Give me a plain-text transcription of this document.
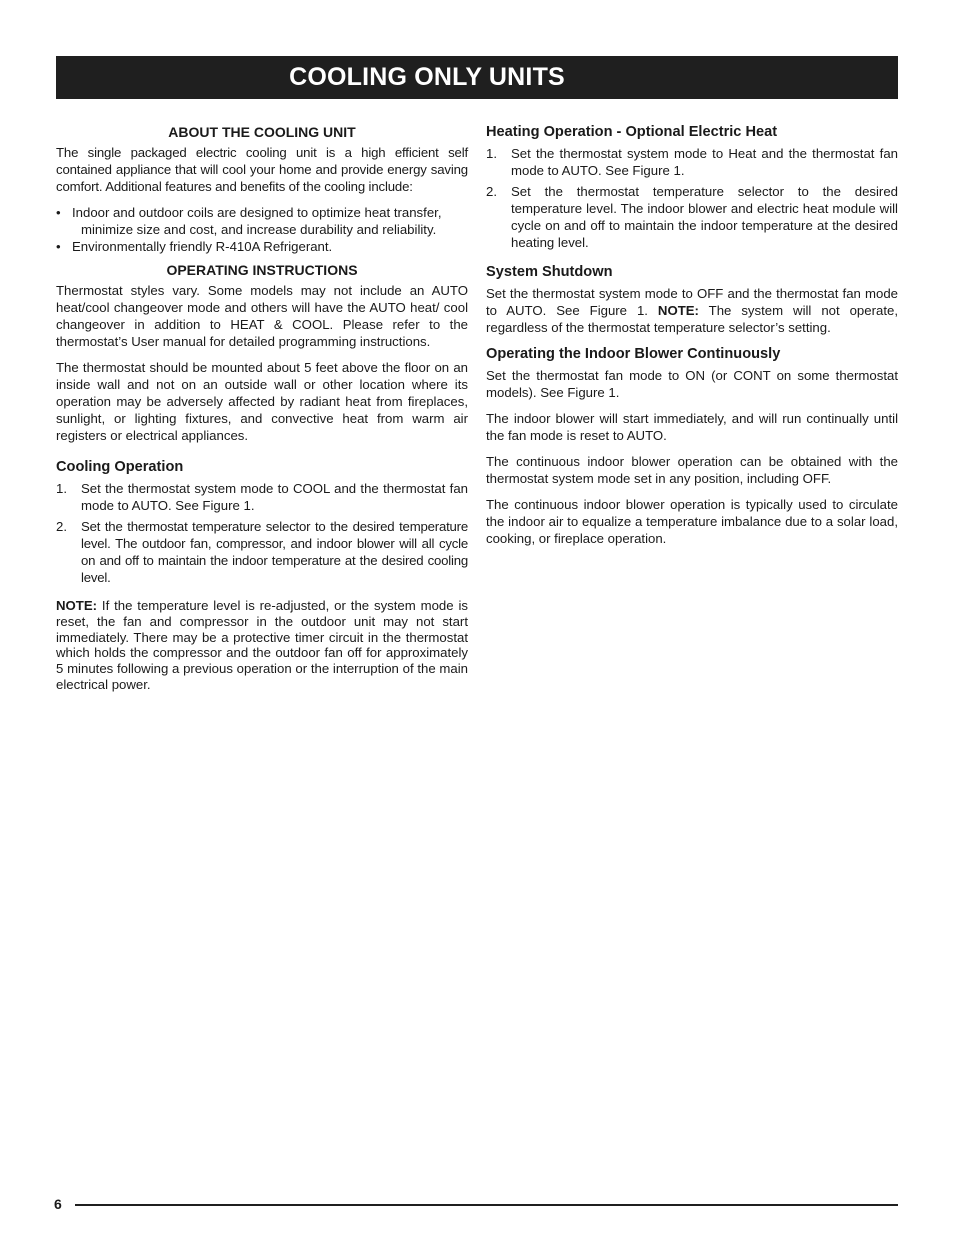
COOLING ONLY UNITS
ABOUT THE COOLING UNIT

The single packaged electric cooling unit is a high efficient self contained appliance that will cool your home and provide energy saving comfort. Additional features and benefits of the cooling include:

• Indoor and outdoor coils are designed to optimize heat transfer, minimize size and cost, and increase durability and reliability.
• Environmentally friendly R-410A Refrigerant.
OPERATING INSTRUCTIONS

Thermostat styles vary. Some models may not include an AUTO heat/cool changeover mode and others will have the AUTO heat/ cool changeover in addition to HEAT & COOL. Please refer to the thermostat’s User manual for detailed programming instructions.

The thermostat should be mounted about 5 feet above the floor on an inside wall and not on an outside wall or other location where its operation may be adversely affected by radiant heat from fireplaces, sunlight, or lighting fixtures, and convective heat from warm air registers or electrical appliances.

Cooling Operation
1. Set the thermostat system mode to COOL and the thermostat fan mode to AUTO. See Figure 1.
2. Set the thermostat temperature selector to the desired temperature level. The outdoor fan, compressor, and indoor blower will all cycle on and off to maintain the indoor temperature at the desired cooling level.

NOTE: If the temperature level is re-adjusted, or the system mode is reset, the fan and compressor in the outdoor unit may not start immediately. There may be a protective timer circuit in the thermostat which holds the compressor and the outdoor fan off for approximately 5 minutes following a previous operation or the interruption of the main electrical power.

Heating Operation - Optional Electric Heat
1. Set the thermostat system mode to Heat and the thermostat fan mode to AUTO. See Figure 1.
2. Set the thermostat temperature selector to the desired temperature level. The indoor blower and electric heat module will cycle on and off to maintain the indoor temperature at the desired heating level.
System Shutdown

Set the thermostat system mode to OFF and the thermostat fan mode to AUTO. See Figure 1. NOTE: The system will not operate, regardless of the thermostat temperature selector’s setting.

Operating the Indoor Blower Continuously

Set the thermostat fan mode to ON (or CONT on some thermostat models). See Figure 1.

The indoor blower will start immediately, and will run continually until the fan mode is reset to AUTO.

The continuous indoor blower operation can be obtained with the thermostat system mode set in any position, including OFF.

The continuous indoor blower operation is typically used to circulate the indoor air to equalize a temperature imbalance due to a solar load, cooking, or fireplace operation.

6
